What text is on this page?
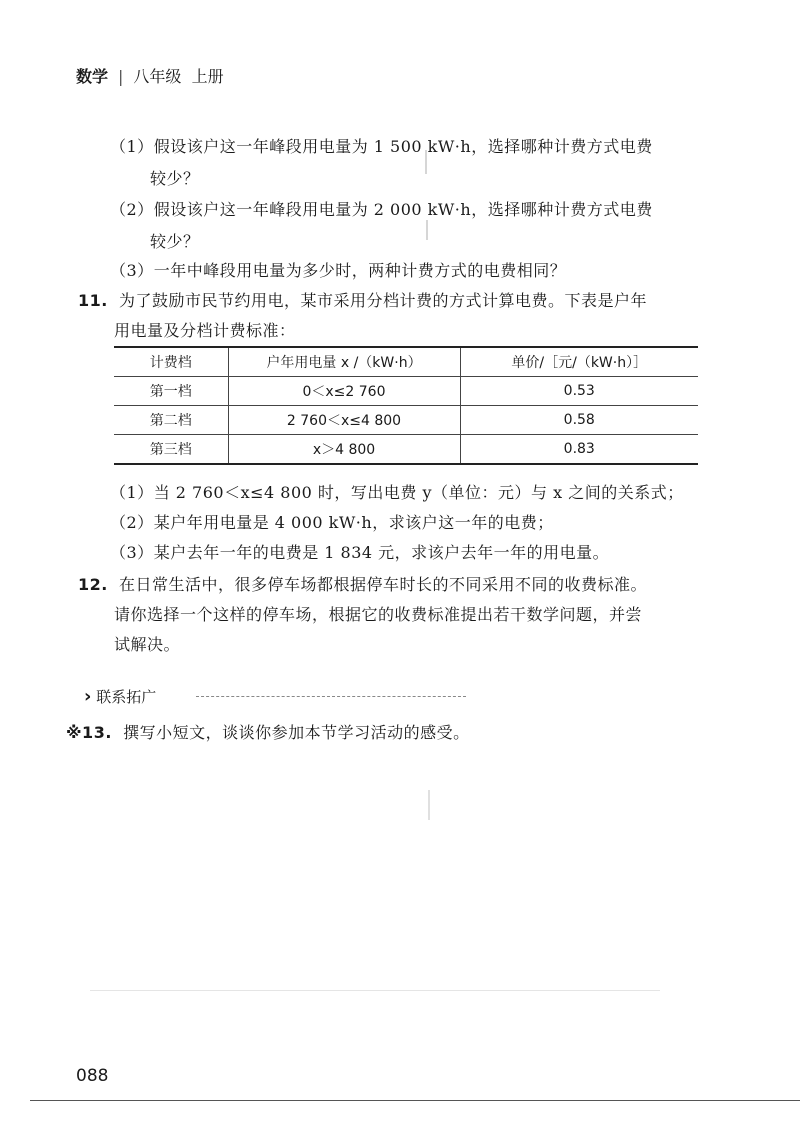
数学 | 八年级 上册
（1）假设该户这一年峰段用电量为 1 500 kW·h，选择哪种计费方式电费
较少？
（2）假设该户这一年峰段用电量为 2 000 kW·h，选择哪种计费方式电费
较少？
（3）一年中峰段用电量为多少时，两种计费方式的电费相同？
11. 为了鼓励市民节约用电，某市采用分档计费的方式计算电费。下表是户年
用电量及分档计费标准：
计费档	户年用电量 x /（kW·h）	单价/［元/（kW·h）］
第一档	0＜x≤2 760	0.53
第二档	2 760＜x≤4 800	0.58
第三档	x＞4 800	0.83
（1）当 2 760＜x≤4 800 时，写出电费 y（单位：元）与 x 之间的关系式；
（2）某户年用电量是 4 000 kW·h，求该户这一年的电费；
（3）某户去年一年的电费是 1 834 元，求该户去年一年的用电量。
12. 在日常生活中，很多停车场都根据停车时长的不同采用不同的收费标准。
请你选择一个这样的停车场，根据它的收费标准提出若干数学问题，并尝
试解决。
› 联系拓广
※13. 撰写小短文，谈谈你参加本节学习活动的感受。
088
